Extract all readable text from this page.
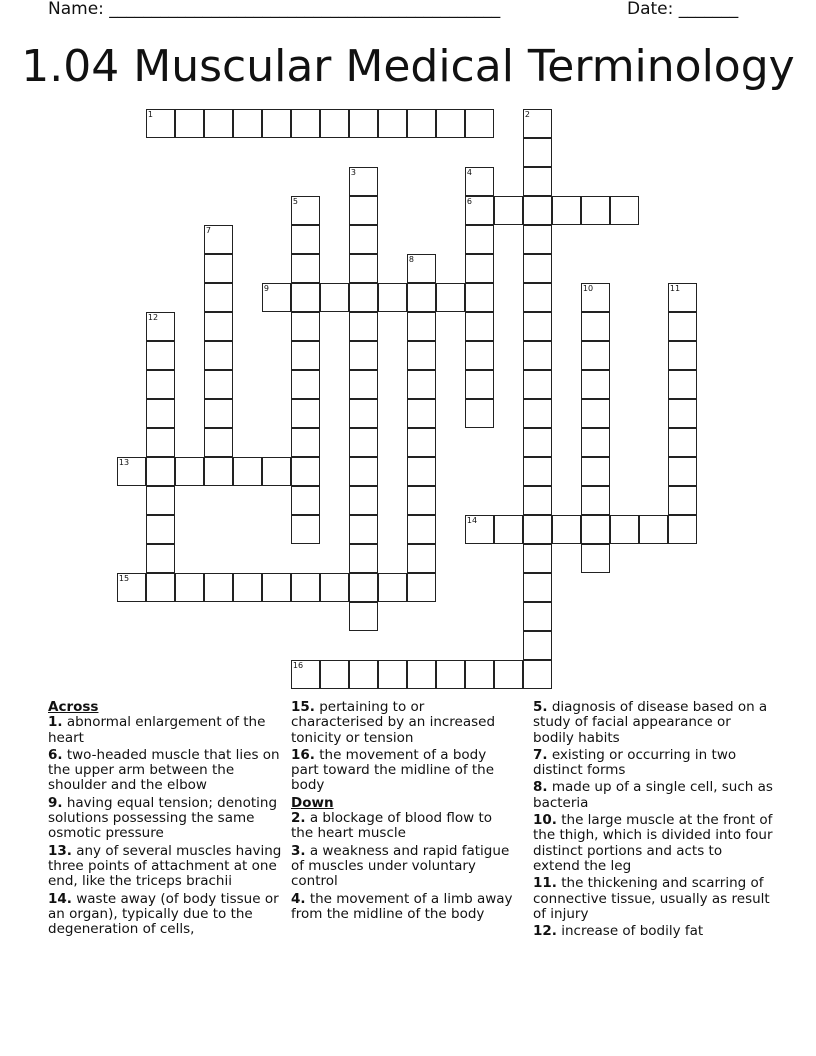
Name: ______________________________________________	Date: _______
1.04 Muscular Medical Terminology
1	2
3	4
6
5
7
8
9	10	11
12
13
14
15
16
Across
1. abnormal enlargement of the heart
6. two-headed muscle that lies on the upper arm between the shoulder and the elbow
9. having equal tension; denoting solutions possessing the same osmotic pressure
13. any of several muscles having three points of attachment at one end, like the triceps brachii
14. waste away (of body tissue or an organ), typically due to the degeneration of cells,
15. pertaining to or characterised by an increased tonicity or tension
16. the movement of a body part toward the midline of the body
Down
2. a blockage of blood flow to the heart muscle
3. a weakness and rapid fatigue of muscles under voluntary control
4. the movement of a limb away from the midline of the body
5. diagnosis of disease based on a study of facial appearance or bodily habits
7. existing or occurring in two distinct forms
8. made up of a single cell, such as bacteria
10. the large muscle at the front of the thigh, which is divided into four distinct portions and acts to extend the leg
11. the thickening and scarring of connective tissue, usually as result of injury
12. increase of bodily fat
